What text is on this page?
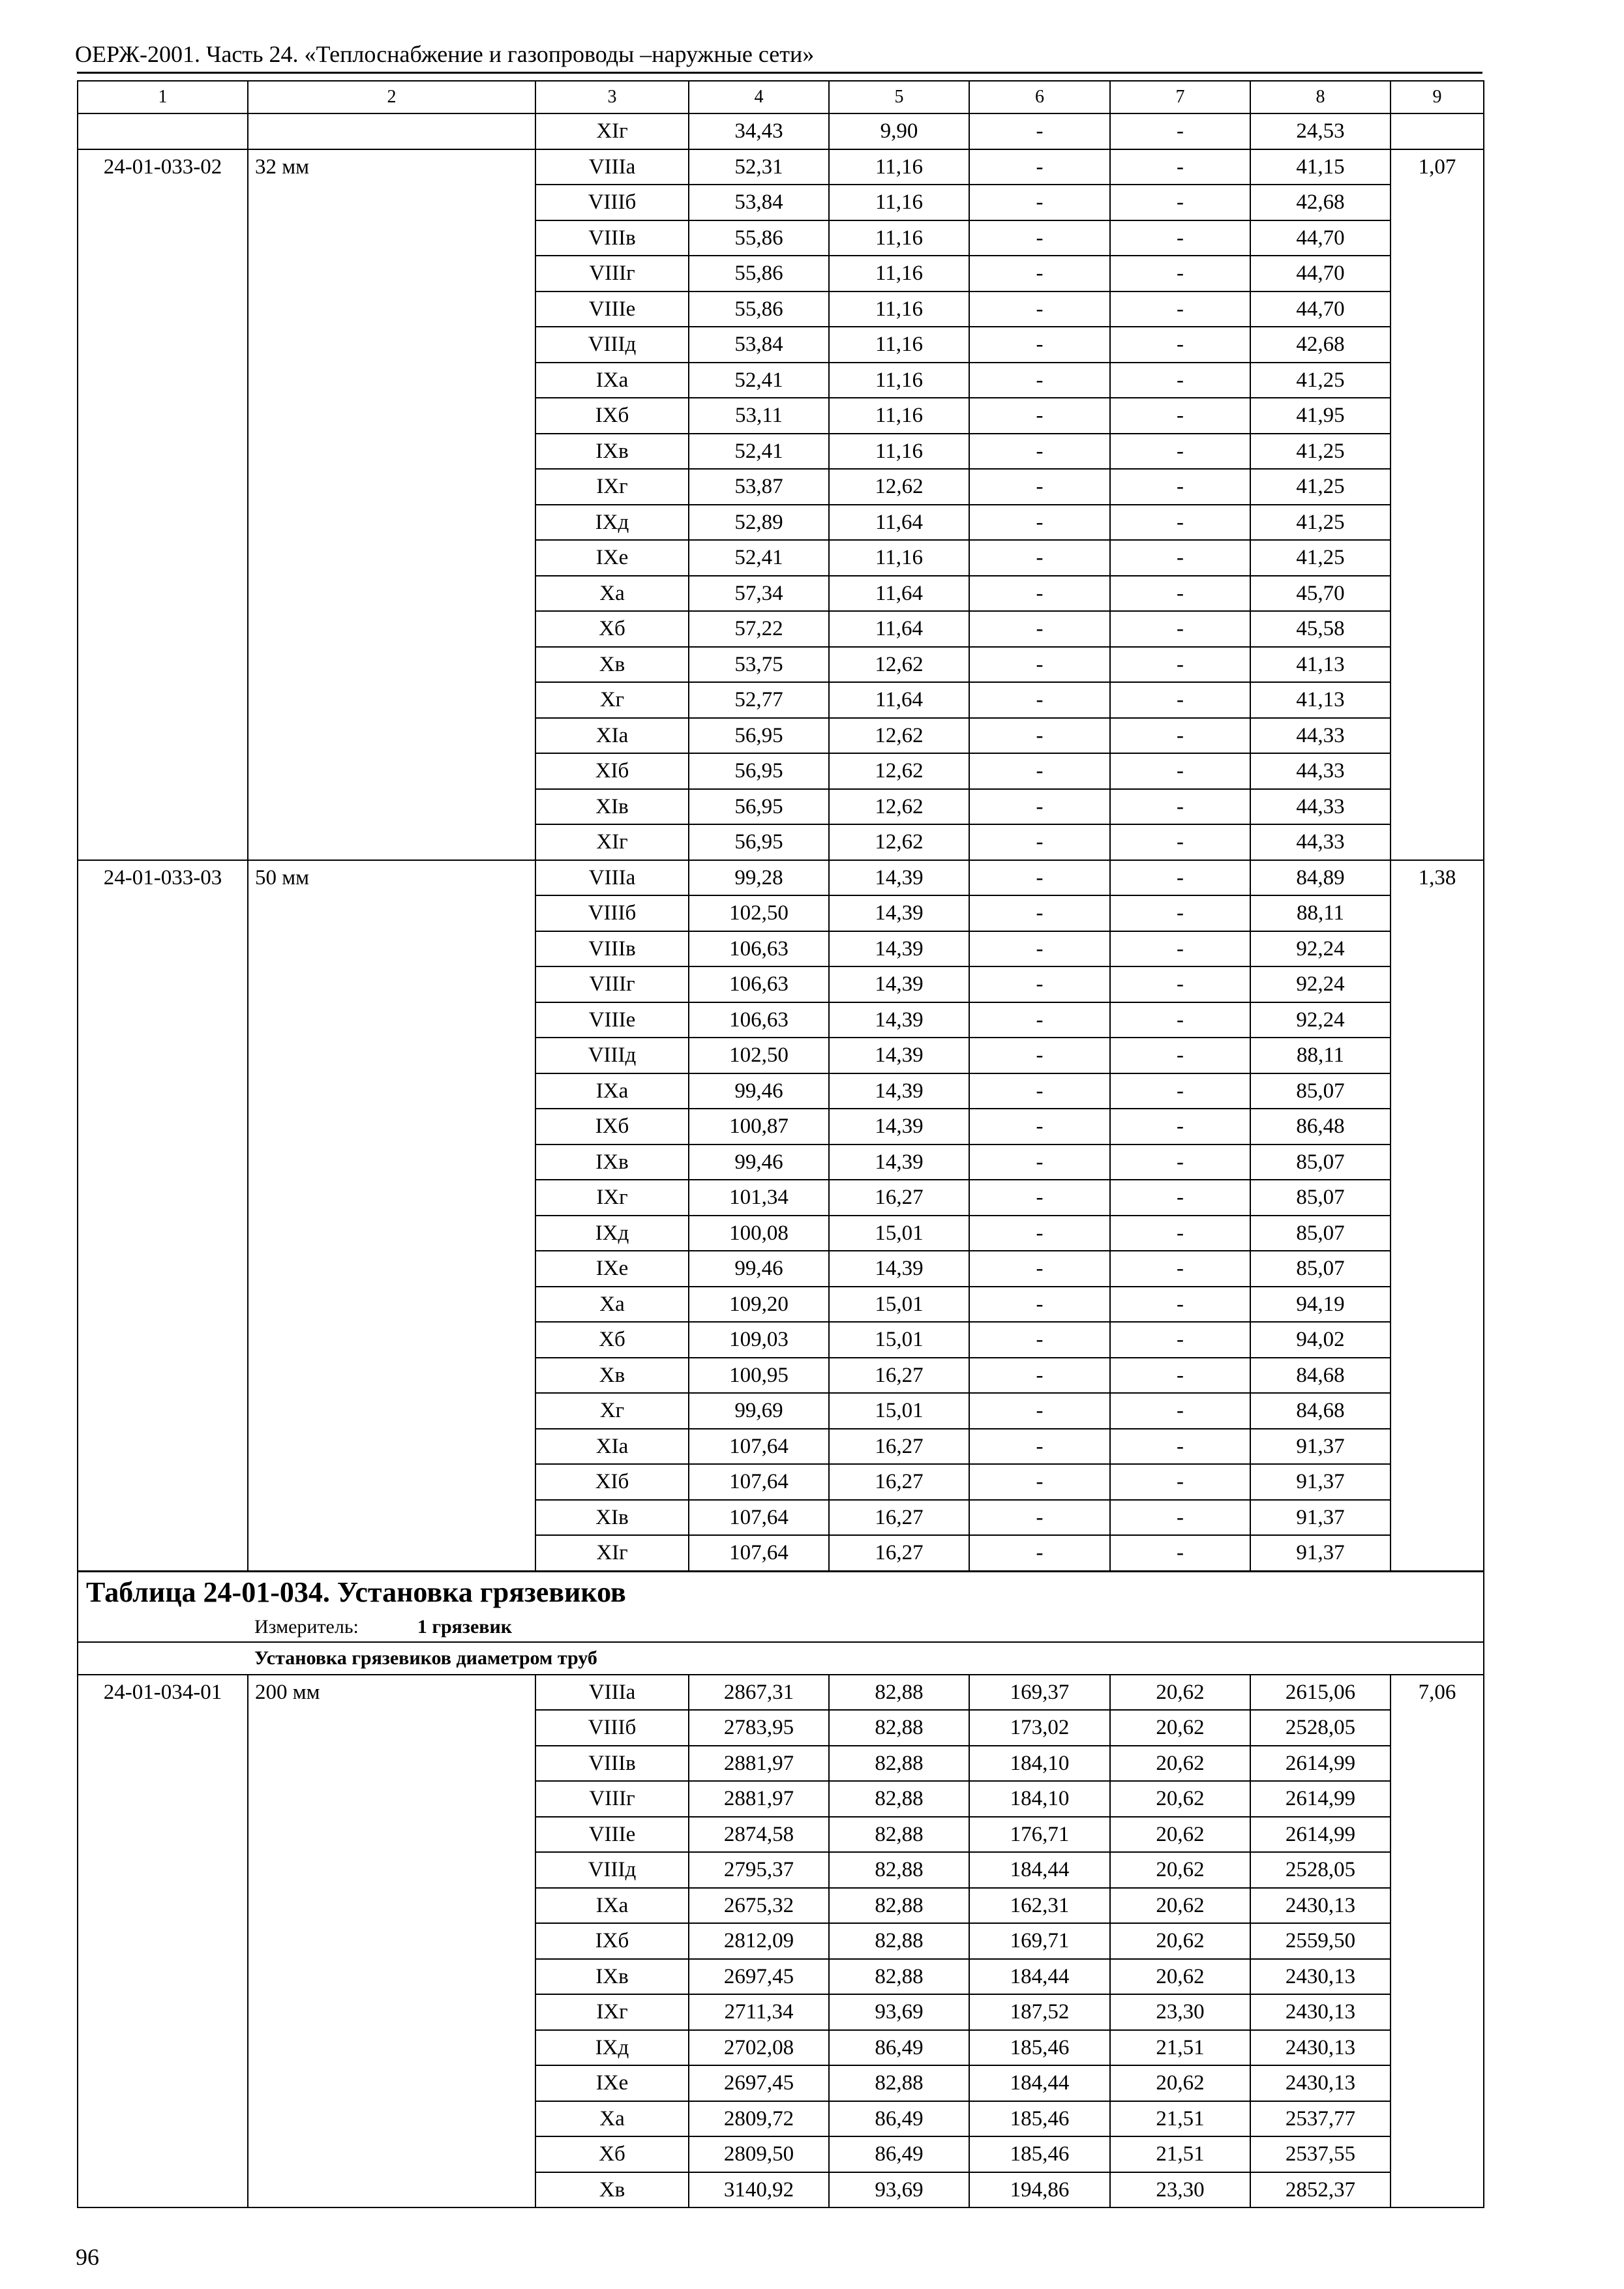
ОЕРЖ-2001. Часть 24. «Теплоснабжение и газопроводы –наружные сети»
1	2	3	4	5	6	7	8	9
		XIг	34,43	9,90	-	-	24,53	
24-01-033-02	32 мм	VIIIа	52,31	11,16	-	-	41,15	1,07
		VIIIб	53,84	11,16	-	-	42,68	
		VIIIв	55,86	11,16	-	-	44,70	
		VIIIг	55,86	11,16	-	-	44,70	
		VIIIе	55,86	11,16	-	-	44,70	
		VIIIд	53,84	11,16	-	-	42,68	
		IXа	52,41	11,16	-	-	41,25	
		IXб	53,11	11,16	-	-	41,95	
		IXв	52,41	11,16	-	-	41,25	
		IXг	53,87	12,62	-	-	41,25	
		IXд	52,89	11,64	-	-	41,25	
		IXе	52,41	11,16	-	-	41,25	
		Xа	57,34	11,64	-	-	45,70	
		Xб	57,22	11,64	-	-	45,58	
		Xв	53,75	12,62	-	-	41,13	
		Xг	52,77	11,64	-	-	41,13	
		XIа	56,95	12,62	-	-	44,33	
		XIб	56,95	12,62	-	-	44,33	
		XIв	56,95	12,62	-	-	44,33	
		XIг	56,95	12,62	-	-	44,33	
24-01-033-03	50 мм	VIIIа	99,28	14,39	-	-	84,89	1,38
		VIIIб	102,50	14,39	-	-	88,11	
		VIIIв	106,63	14,39	-	-	92,24	
		VIIIг	106,63	14,39	-	-	92,24	
		VIIIе	106,63	14,39	-	-	92,24	
		VIIIд	102,50	14,39	-	-	88,11	
		IXа	99,46	14,39	-	-	85,07	
		IXб	100,87	14,39	-	-	86,48	
		IXв	99,46	14,39	-	-	85,07	
		IXг	101,34	16,27	-	-	85,07	
		IXд	100,08	15,01	-	-	85,07	
		IXе	99,46	14,39	-	-	85,07	
		Xа	109,20	15,01	-	-	94,19	
		Xб	109,03	15,01	-	-	94,02	
		Xв	100,95	16,27	-	-	84,68	
		Xг	99,69	15,01	-	-	84,68	
		XIа	107,64	16,27	-	-	91,37	
		XIб	107,64	16,27	-	-	91,37	
		XIв	107,64	16,27	-	-	91,37	
		XIг	107,64	16,27	-	-	91,37	
Таблица 24-01-034. Установка грязевиков								
Измеритель: 1 грязевик								
Установка грязевиков диаметром труб								
24-01-034-01	200 мм	VIIIа	2867,31	82,88	169,37	20,62	2615,06	7,06
		VIIIб	2783,95	82,88	173,02	20,62	2528,05	
		VIIIв	2881,97	82,88	184,10	20,62	2614,99	
		VIIIг	2881,97	82,88	184,10	20,62	2614,99	
		VIIIе	2874,58	82,88	176,71	20,62	2614,99	
		VIIIд	2795,37	82,88	184,44	20,62	2528,05	
		IXа	2675,32	82,88	162,31	20,62	2430,13	
		IXб	2812,09	82,88	169,71	20,62	2559,50	
		IXв	2697,45	82,88	184,44	20,62	2430,13	
		IXг	2711,34	93,69	187,52	23,30	2430,13	
		IXд	2702,08	86,49	185,46	21,51	2430,13	
		IXе	2697,45	82,88	184,44	20,62	2430,13	
		Xа	2809,72	86,49	185,46	21,51	2537,77	
		Xб	2809,50	86,49	185,46	21,51	2537,55	
		Xв	3140,92	93,69	194,86	23,30	2852,37	
96
